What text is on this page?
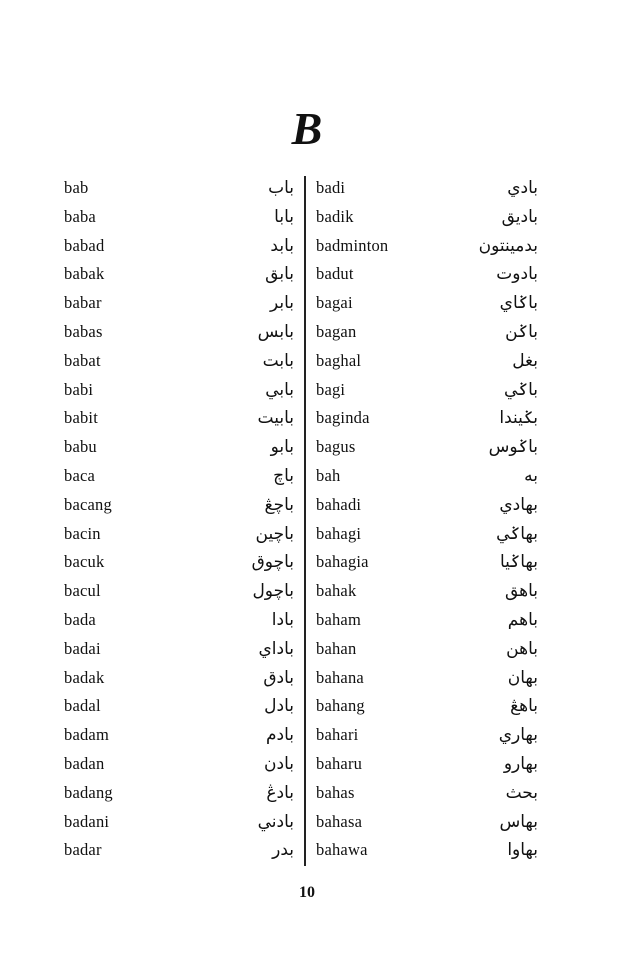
B
bab	باب
baba	بابا
babad	بابد
babak	بابق
babar	بابر
babas	بابس
babat	بابت
babi	بابي
babit	بابيت
babu	بابو
baca	باچ
bacang	باچڠ
bacin	باچين
bacuk	باچوق
bacul	باچول
bada	بادا
badai	باداي
badak	بادق
badal	بادل
badam	بادم
badan	بادن
badang	بادڠ
badani	بادني
badar	بدر
badi	بادي
badik	باديق
badminton	بدمينتون
badut	بادوت
bagai	باݢاي
bagan	باݢن
baghal	بغل
bagi	باݢي
baginda	بݢيندا
bagus	باݢوس
bah	به
bahadi	بهادي
bahagi	بهاݢي
bahagia	بهاݢيا
bahak	باهق
baham	باهم
bahan	باهن
bahana	بهان
bahang	باهڠ
bahari	بهاري
baharu	بهارو
bahas	بحث
bahasa	بهاس
bahawa	بهاوا
10
